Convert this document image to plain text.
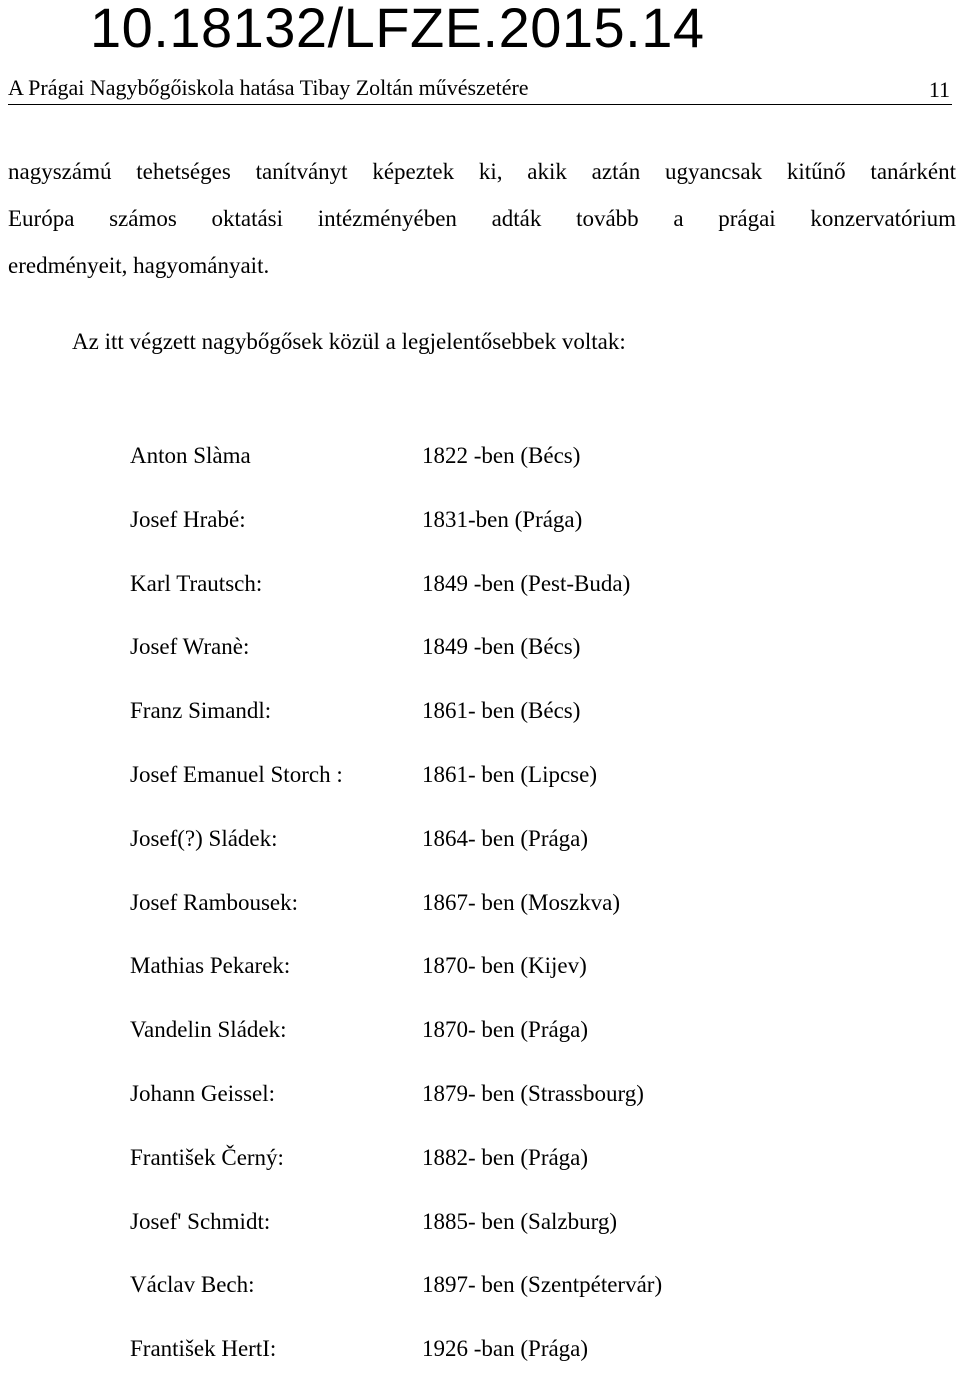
10.18132/LFZE.2015.14
A Prágai Nagybőgőiskola hatása Tibay Zoltán művészetére	11
nagyszámú tehetséges tanítványt képeztek ki, akik aztán ugyancsak kitűnő tanárként
Európa számos oktatási intézményében adták tovább a prágai konzervatórium
eredményeit, hagyományait.
Az itt végzett nagybőgősek közül a legjelentősebbek voltak:
Anton Slàma	1822 -ben (Bécs)
Josef Hrabé:	1831-ben (Prága)
Karl Trautsch:	1849 -ben (Pest-Buda)
Josef Wranè:	1849 -ben (Bécs)
Franz Simandl:	1861- ben (Bécs)
Josef Emanuel Storch :	1861- ben (Lipcse)
Josef(?) Sládek:	1864- ben (Prága)
Josef Rambousek:	1867- ben (Moszkva)
Mathias Pekarek:	1870- ben (Kijev)
Vandelin Sládek:	1870- ben (Prága)
Johann Geissel:	1879- ben (Strassbourg)
František Černý:	1882- ben (Prága)
Josef' Schmidt:	1885- ben (Salzburg)
Václav Bech:	1897- ben (Szentpétervár)
František HertI:	1926 -ban (Prága)
